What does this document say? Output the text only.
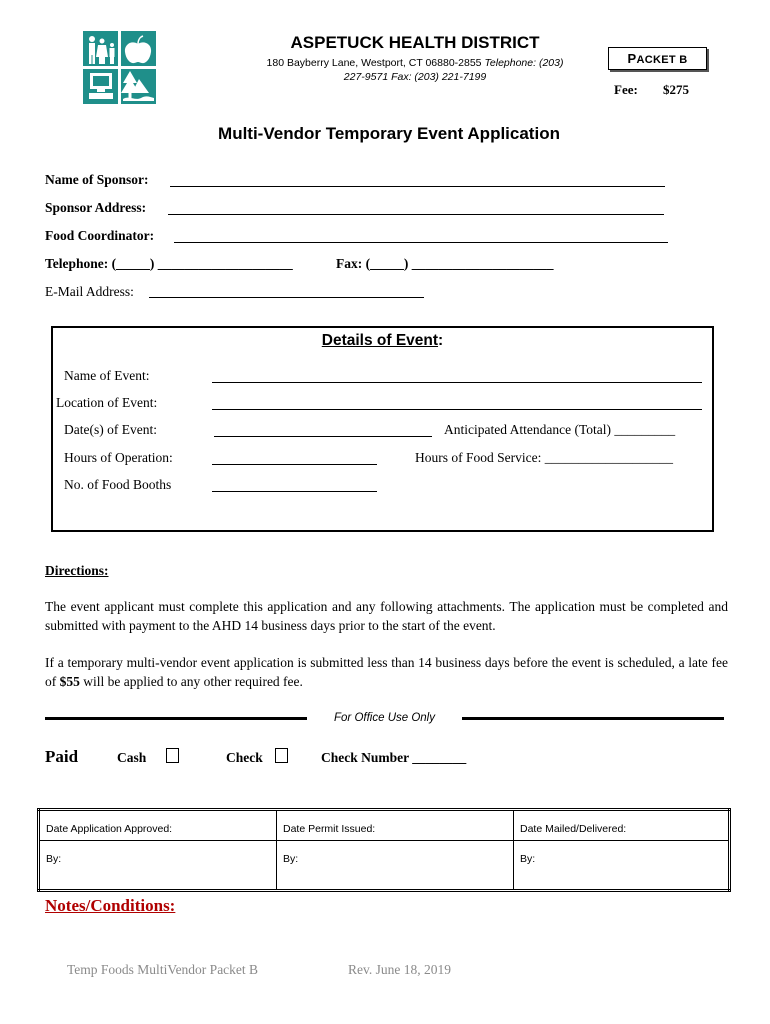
ASPETUCK HEALTH DISTRICT
180 Bayberry Lane, Westport, CT 06880-2855 Telephone: (203)
227-9571 Fax: (203) 221-7199
PACKET B
Fee: $275
Multi-Vendor Temporary Event Application
Name of Sponsor:
Sponsor Address:
Food Coordinator:
Telephone: (_____) ____________________	Fax: (_____) _____________________
E-Mail Address:
Details of Event:
Name of Event:
Location of Event:
Date(s) of Event:	Anticipated Attendance (Total) _________
Hours of Operation:	Hours of Food Service: ___________________
No. of Food Booths
Directions:
The event applicant must complete this application and any following attachments. The application must be completed and submitted with payment to the AHD 14 business days prior to the start of the event.
If a temporary multi-vendor event application is submitted less than 14 business days before the event is scheduled, a late fee of $55 will be applied to any other required fee.
For Office Use Only
Paid	Cash	Check	Check Number ________
Date Application Approved:	Date Permit Issued:	Date Mailed/Delivered:
By:	By:	By:
Notes/Conditions:
Temp Foods MultiVendor Packet B	Rev. June 18, 2019
